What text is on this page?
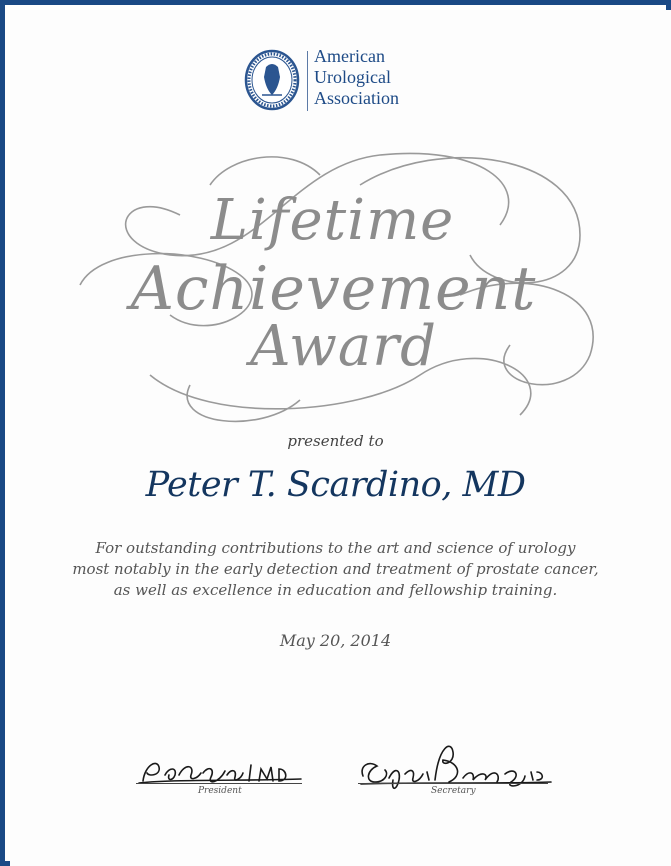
American
Urological
Association
Lifetime
Achievement
Award
presented to
Peter T. Scardino, MD
For outstanding contributions to the art and science of urology
most notably in the early detection and treatment of prostate cancer,
as well as excellence in education and fellowship training.
May 20, 2014
President	Secretary
